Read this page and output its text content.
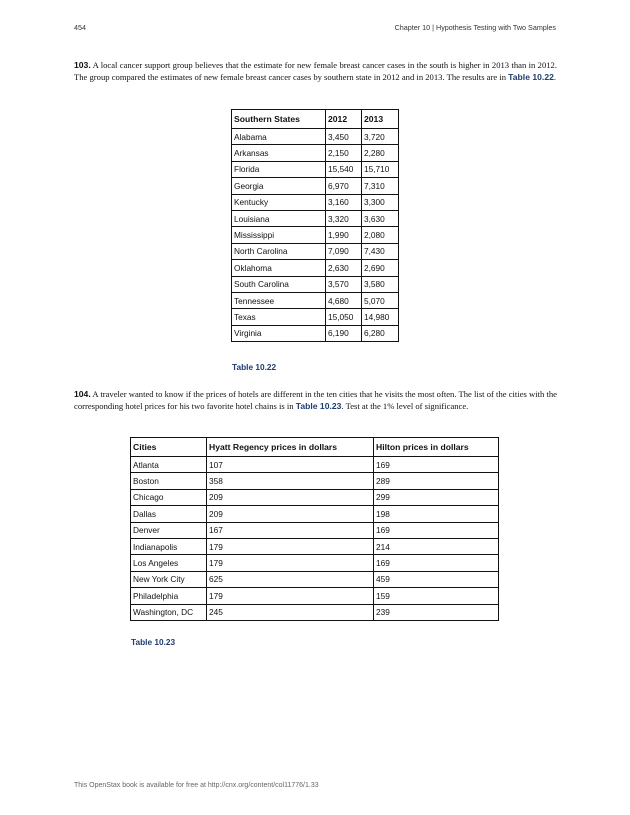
454	Chapter 10 | Hypothesis Testing with Two Samples
103. A local cancer support group believes that the estimate for new female breast cancer cases in the south is higher in 2013 than in 2012. The group compared the estimates of new female breast cancer cases by southern state in 2012 and in 2013. The results are in Table 10.22.
Southern States	2012	2013
Alabama	3,450	3,720
Arkansas	2,150	2,280
Florida	15,540	15,710
Georgia	6,970	7,310
Kentucky	3,160	3,300
Louisiana	3,320	3,630
Mississippi	1,990	2,080
North Carolina	7,090	7,430
Oklahoma	2,630	2,690
South Carolina	3,570	3,580
Tennessee	4,680	5,070
Texas	15,050	14,980
Virginia	6,190	6,280
Table 10.22
104. A traveler wanted to know if the prices of hotels are different in the ten cities that he visits the most often. The list of the cities with the corresponding hotel prices for his two favorite hotel chains is in Table 10.23. Test at the 1% level of significance.
Cities	Hyatt Regency prices in dollars	Hilton prices in dollars
Atlanta	107	169
Boston	358	289
Chicago	209	299
Dallas	209	198
Denver	167	169
Indianapolis	179	214
Los Angeles	179	169
New York City	625	459
Philadelphia	179	159
Washington, DC	245	239
Table 10.23
This OpenStax book is available for free at http://cnx.org/content/col11776/1.33
